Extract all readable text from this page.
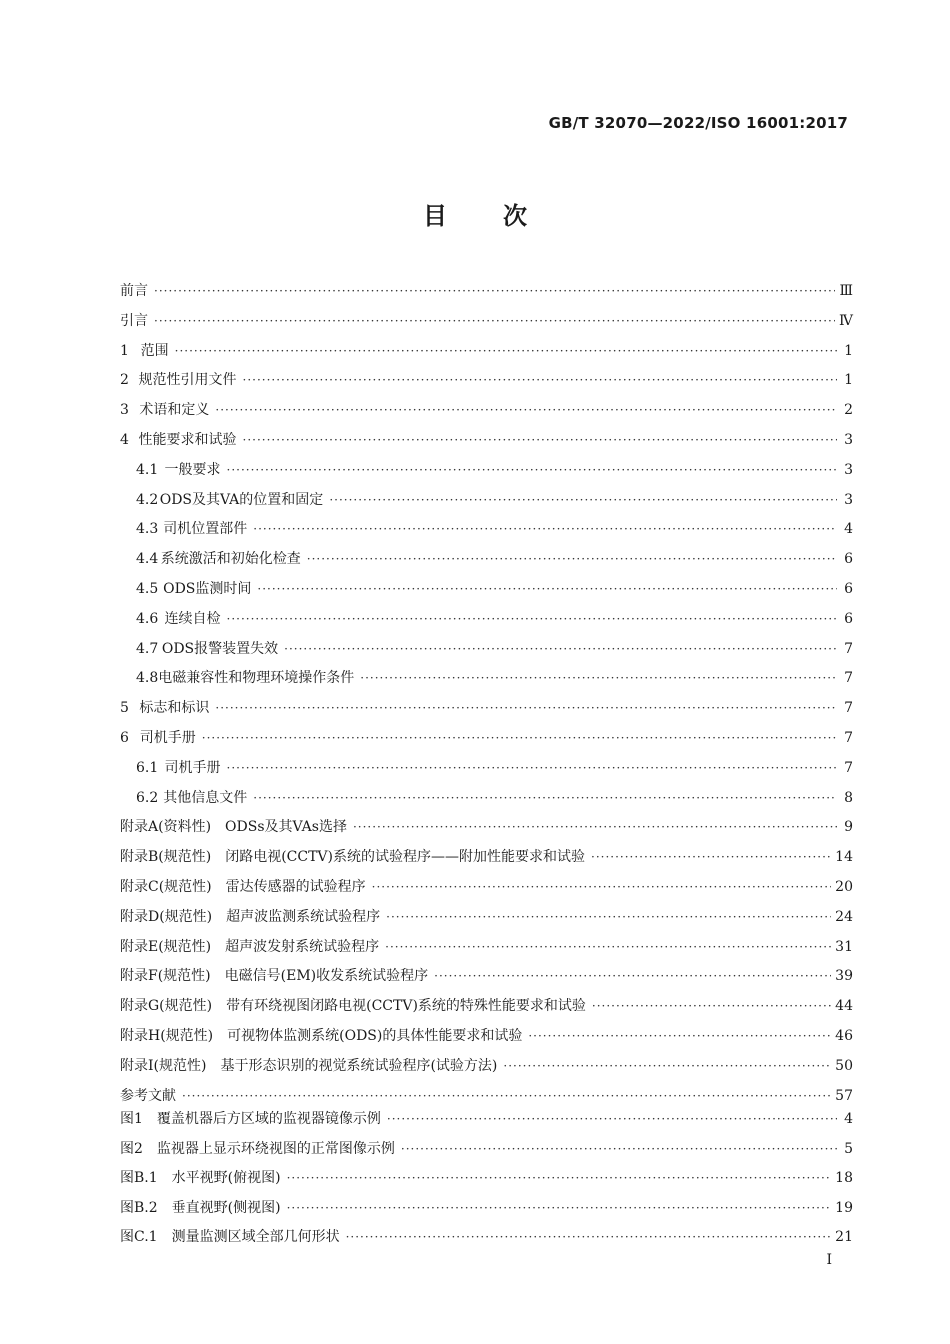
GB/T 32070—2022/ISO 16001:2017
目 次
前言 ·····	Ⅲ
引言 ·····	Ⅳ
1 范围 ·····	1
2 规范性引用文件 ·····	1
3 术语和定义 ·····	2
4 性能要求和试验 ·····	3
4.1 一般要求 ·····	3
4.2 ODS及其VA的位置和固定 ·····	3
4.3 司机位置部件 ·····	4
4.4 系统激活和初始化检查 ·····	6
4.5 ODS监测时间 ·····	6
4.6 连续自检 ·····	6
4.7 ODS报警装置失效 ·····	7
4.8 电磁兼容性和物理环境操作条件 ·····	7
5 标志和标识 ·····	7
6 司机手册 ·····	7
6.1 司机手册 ·····	7
6.2 其他信息文件 ·····	8
附录A(资料性)　ODSs及其VAs选择 ·····	9
附录B(规范性)　闭路电视(CCTV)系统的试验程序——附加性能要求和试验 ·····	14
附录C(规范性)　雷达传感器的试验程序 ·····	20
附录D(规范性)　超声波监测系统试验程序 ·····	24
附录E(规范性)　超声波发射系统试验程序 ·····	31
附录F(规范性)　电磁信号(EM)收发系统试验程序 ·····	39
附录G(规范性)　带有环绕视图闭路电视(CCTV)系统的特殊性能要求和试验 ·····	44
附录H(规范性)　可视物体监测系统(ODS)的具体性能要求和试验 ·····	46
附录I(规范性)　基于形态识别的视觉系统试验程序(试验方法) ·····	50
参考文献 ·····	57
图1 覆盖机器后方区域的监视器镜像示例 ·····	4
图2 监视器上显示环绕视图的正常图像示例 ·····	5
图B.1 水平视野(俯视图) ·····	18
图B.2 垂直视野(侧视图) ·····	19
图C.1 测量监测区域全部几何形状 ·····	21
I
